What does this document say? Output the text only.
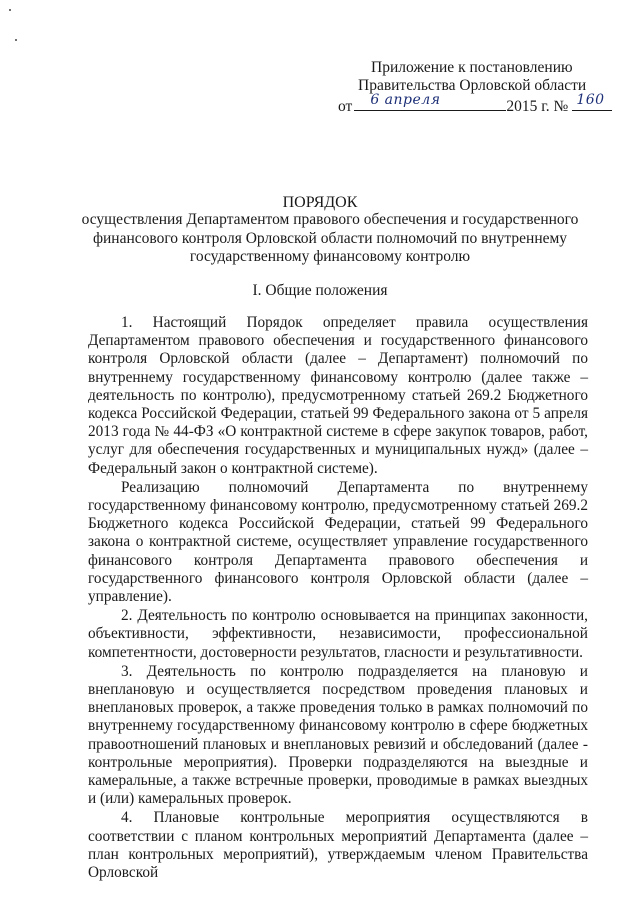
Приложение к постановлению
Правительства Орловской области
от 6 апреля	2015 г. № 160
ПОРЯДОК
осуществления Департаментом правового обеспечения и государственного финансового контроля Орловской области полномочий по внутреннему государственному финансовому контролю
I. Общие положения

1. Настоящий Порядок определяет правила осуществления Департаментом правового обеспечения и государственного финансового контроля Орловской области (далее – Департамент) полномочий по внутреннему государственному финансовому контролю (далее также – деятельность по контролю), предусмотренному статьей 269.2 Бюджетного кодекса Российской Федерации, статьей 99 Федерального закона от 5 апреля 2013 года № 44-ФЗ «О контрактной системе в сфере закупок товаров, работ, услуг для обеспечения государственных и муниципальных нужд» (далее – Федеральный закон о контрактной системе).

Реализацию полномочий Департамента по внутреннему государственному финансовому контролю, предусмотренному статьей 269.2 Бюджетного кодекса Российской Федерации, статьей 99 Федерального закона о контрактной системе, осуществляет управление государственного финансового контроля Департамента правового обеспечения и государственного финансового контроля Орловской области (далее – управление).

2. Деятельность по контролю основывается на принципах законности, объективности, эффективности, независимости, профессиональной компетентности, достоверности результатов, гласности и результативности.

3. Деятельность по контролю подразделяется на плановую и внеплановую и осуществляется посредством проведения плановых и внеплановых проверок, а также проведения только в рамках полномочий по внутреннему государственному финансовому контролю в сфере бюджетных правоотношений плановых и внеплановых ревизий и обследований (далее - контрольные мероприятия). Проверки подразделяются на выездные и камеральные, а также встречные проверки, проводимые в рамках выездных и (или) камеральных проверок.

4. Плановые контрольные мероприятия осуществляются в соответствии с планом контрольных мероприятий Департамента (далее – план контрольных мероприятий), утверждаемым членом Правительства Орловской
